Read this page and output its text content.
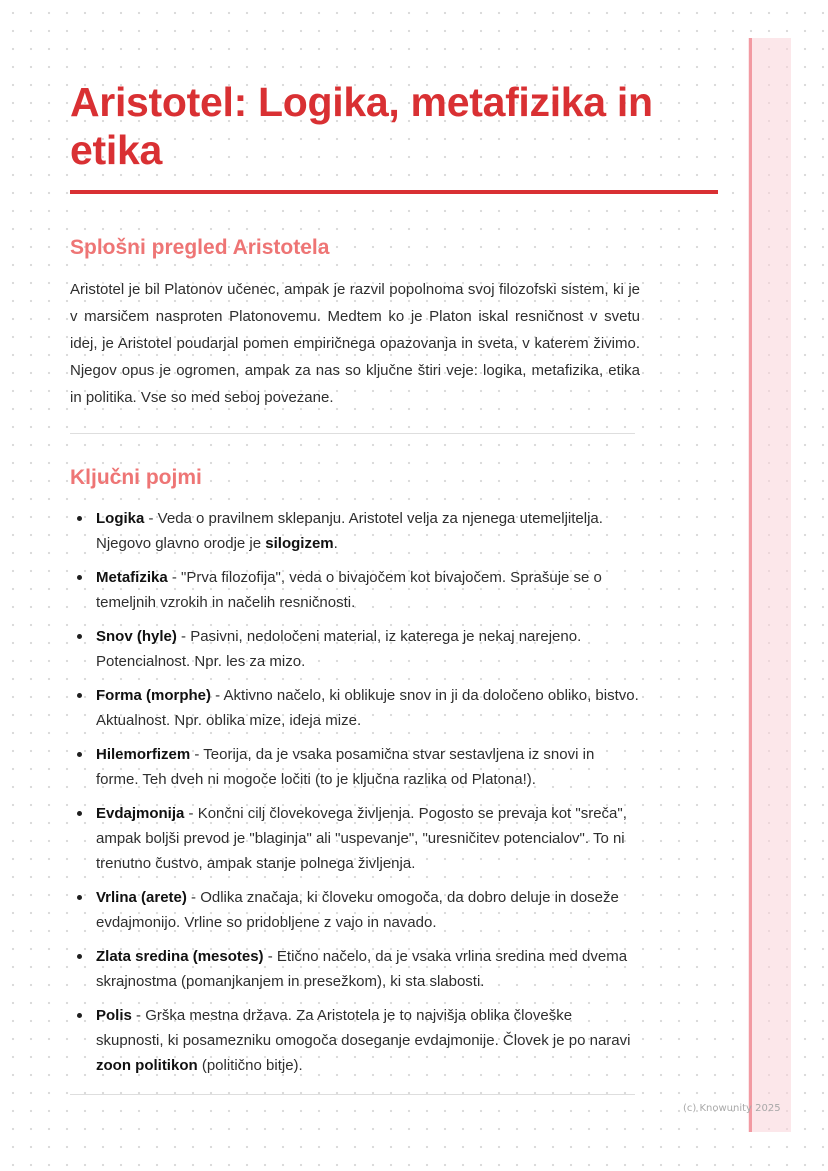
Aristotel: Logika, metafizika in etika
Splošni pregled Aristotela

Aristotel je bil Platonov učenec, ampak je razvil popolnoma svoj filozofski sistem, ki je v marsičem nasproten Platonovemu. Medtem ko je Platon iskal resničnost v svetu idej, je Aristotel poudarjal pomen empiričnega opazovanja in sveta, v katerem živimo. Njegov opus je ogromen, ampak za nas so ključne štiri veje: logika, metafizika, etika in politika. Vse so med seboj povezane.

Ključni pojmi
Logika - Veda o pravilnem sklepanju. Aristotel velja za njenega utemeljitelja. Njegovo glavno orodje je silogizem.
Metafizika - "Prva filozofija", veda o bivajočem kot bivajočem. Sprašuje se o temeljnih vzrokih in načelih resničnosti.
Snov (hyle) - Pasivni, nedoločeni material, iz katerega je nekaj narejeno. Potencialnost. Npr. les za mizo.
Forma (morphe) - Aktivno načelo, ki oblikuje snov in ji da določeno obliko, bistvo. Aktualnost. Npr. oblika mize, ideja mize.
Hilemorfizem - Teorija, da je vsaka posamična stvar sestavljena iz snovi in forme. Teh dveh ni mogoče ločiti (to je ključna razlika od Platona!).
Evdajmonija - Končni cilj človekovega življenja. Pogosto se prevaja kot "sreča", ampak boljši prevod je "blaginja" ali "uspevanje", "uresničitev potencialov". To ni trenutno čustvo, ampak stanje polnega življenja.
Vrlina (arete) - Odlika značaja, ki človeku omogoča, da dobro deluje in doseže evdajmonijo. Vrline so pridobljene z vajo in navado.
Zlata sredina (mesotes) - Etično načelo, da je vsaka vrlina sredina med dvema skrajnostma (pomanjkanjem in presežkom), ki sta slabosti.
Polis - Grška mestna država. Za Aristotela je to najvišja oblika človeške skupnosti, ki posamezniku omogoča doseganje evdajmonije. Človek je po naravi zoon politikon (politično bitje).
(c) Knowunity 2025
